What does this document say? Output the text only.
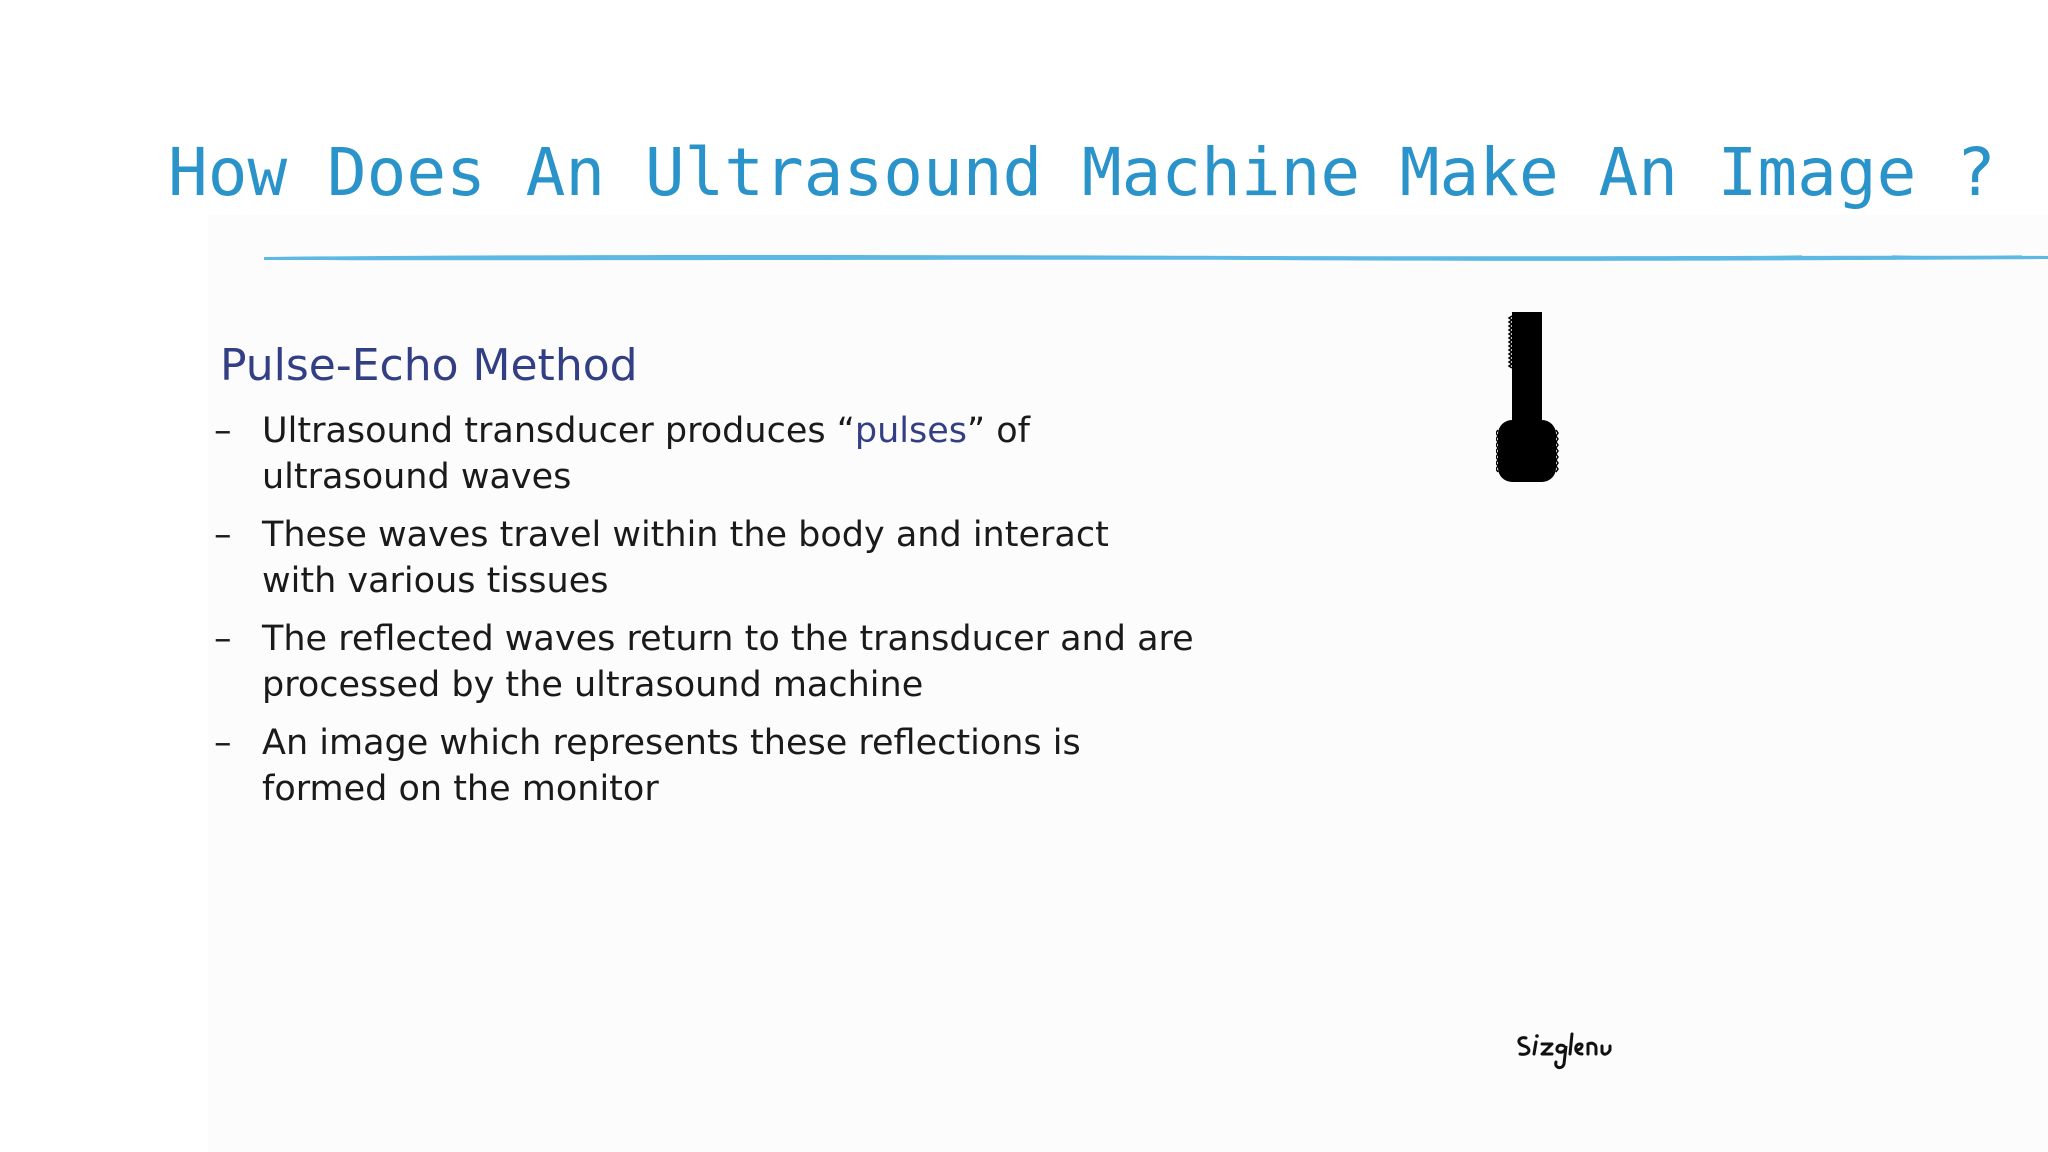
How Does An Ultrasound Machine Make An Image ?
Pulse-Echo Method
– Ultrasound transducer produces “pulses” of
ultrasound waves
– These waves travel within the body and interact
with various tissues
– The reflected waves return to the transducer and are
processed by the ultrasound machine
– An image which represents these reflections is
formed on the monitor
